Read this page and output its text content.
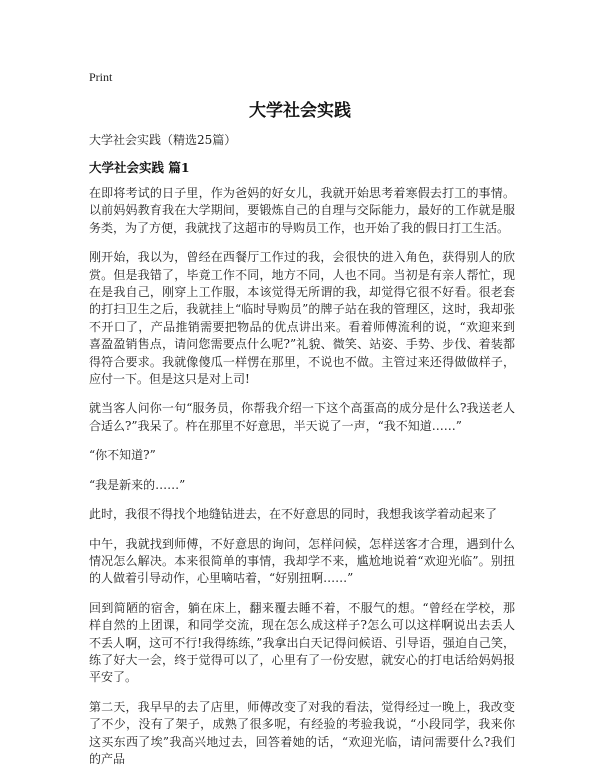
Print
大学社会实践
大学社会实践（精选25篇）
大学社会实践 篇1

在即将考试的日子里，作为爸妈的好女儿，我就开始思考着寒假去打工的事情。以前妈妈教育我在大学期间，要锻炼自己的自理与交际能力，最好的工作就是服务类，为了方便，我就找了这超市的导购员工作，也开始了我的假日打工生活。

刚开始，我以为，曾经在西餐厅工作过的我，会很快的进入角色，获得别人的欣赏。但是我错了，毕竟工作不同，地方不同，人也不同。当初是有亲人帮忙，现在是我自己，刚穿上工作服，本该觉得无所谓的我，却觉得它很不好看。很老套的打扫卫生之后，我就挂上“临时导购员”的牌子站在我的管理区，这时，我却张不开口了，产品推销需要把物品的优点讲出来。看着师傅流利的说，“欢迎来到喜盈盈销售点，请问您需要点什么呢?”礼貌、微笑、站姿、手势、步伐、着装都得符合要求。我就像傻瓜一样愣在那里，不说也不做。主管过来还得做做样子，应付一下。但是这只是对上司!

就当客人问你一句“服务员，你帮我介绍一下这个高蛋高的成分是什么?我送老人合适么?”我呆了。杵在那里不好意思，半天说了一声，“我不知道……”

“你不知道?”

“我是新来的……”

此时，我很不得找个地缝钻进去，在不好意思的同时，我想我该学着动起来了

中午，我就找到师傅，不好意思的询问，怎样问候，怎样送客才合理，遇到什么情况怎么解决。本来很简单的事情，我却学不来，尴尬地说着“欢迎光临”。别扭的人做着引导动作，心里嘀咕着，“好别扭啊……”

回到简陋的宿舍，躺在床上，翻来覆去睡不着，不服气的想。“曾经在学校，那样自然的上团课，和同学交流，现在怎么成这样子?怎么可以这样啊说出去丢人不丢人啊，这可不行!我得练练，”我拿出白天记得问候语、引导语，强迫自己笑，练了好大一会，终于觉得可以了，心里有了一份安慰，就安心的打电话给妈妈报平安了。

第二天，我早早的去了店里，师傅改变了对我的看法，觉得经过一晚上，我改变了不少，没有了架子，成熟了很多呢，有经验的考验我说，“小段同学，我来你这买东西了埃”我高兴地过去，回答着她的话，“欢迎光临，请问需要什么?我们的产品
